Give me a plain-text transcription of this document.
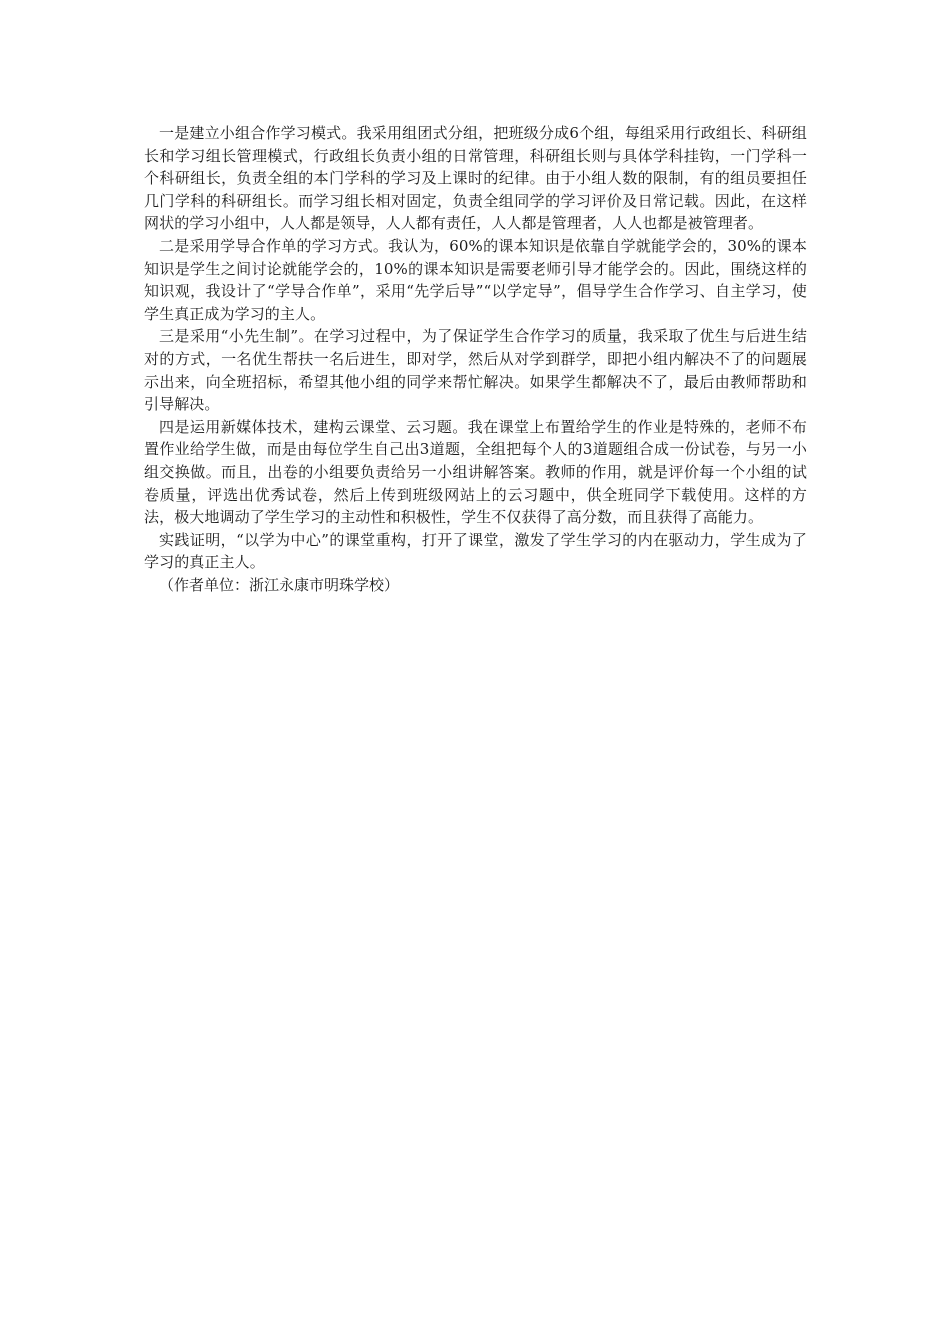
一是建立小组合作学习模式。我采用组团式分组，把班级分成6个组，每组采用行政组长、科研组长和学习组长管理模式，行政组长负责小组的日常管理，科研组长则与具体学科挂钩，一门学科一个科研组长，负责全组的本门学科的学习及上课时的纪律。由于小组人数的限制，有的组员要担任几门学科的科研组长。而学习组长相对固定，负责全组同学的学习评价及日常记载。因此，在这样网状的学习小组中，人人都是领导，人人都有责任，人人都是管理者，人人也都是被管理者。

二是采用学导合作单的学习方式。我认为，60%的课本知识是依靠自学就能学会的，30%的课本知识是学生之间讨论就能学会的，10%的课本知识是需要老师引导才能学会的。因此，围绕这样的知识观，我设计了“学导合作单”，采用“先学后导”“以学定导”，倡导学生合作学习、自主学习，使学生真正成为学习的主人。

三是采用“小先生制”。在学习过程中，为了保证学生合作学习的质量，我采取了优生与后进生结对的方式，一名优生帮扶一名后进生，即对学，然后从对学到群学，即把小组内解决不了的问题展示出来，向全班招标，希望其他小组的同学来帮忙解决。如果学生都解决不了，最后由教师帮助和引导解决。

四是运用新媒体技术，建构云课堂、云习题。我在课堂上布置给学生的作业是特殊的，老师不布置作业给学生做，而是由每位学生自己出3道题，全组把每个人的3道题组合成一份试卷，与另一小组交换做。而且，出卷的小组要负责给另一小组讲解答案。教师的作用，就是评价每一个小组的试卷质量，评选出优秀试卷，然后上传到班级网站上的云习题中，供全班同学下载使用。这样的方法，极大地调动了学生学习的主动性和积极性，学生不仅获得了高分数，而且获得了高能力。

实践证明，“以学为中心”的课堂重构，打开了课堂，激发了学生学习的内在驱动力，学生成为了学习的真正主人。

（作者单位：浙江永康市明珠学校）
